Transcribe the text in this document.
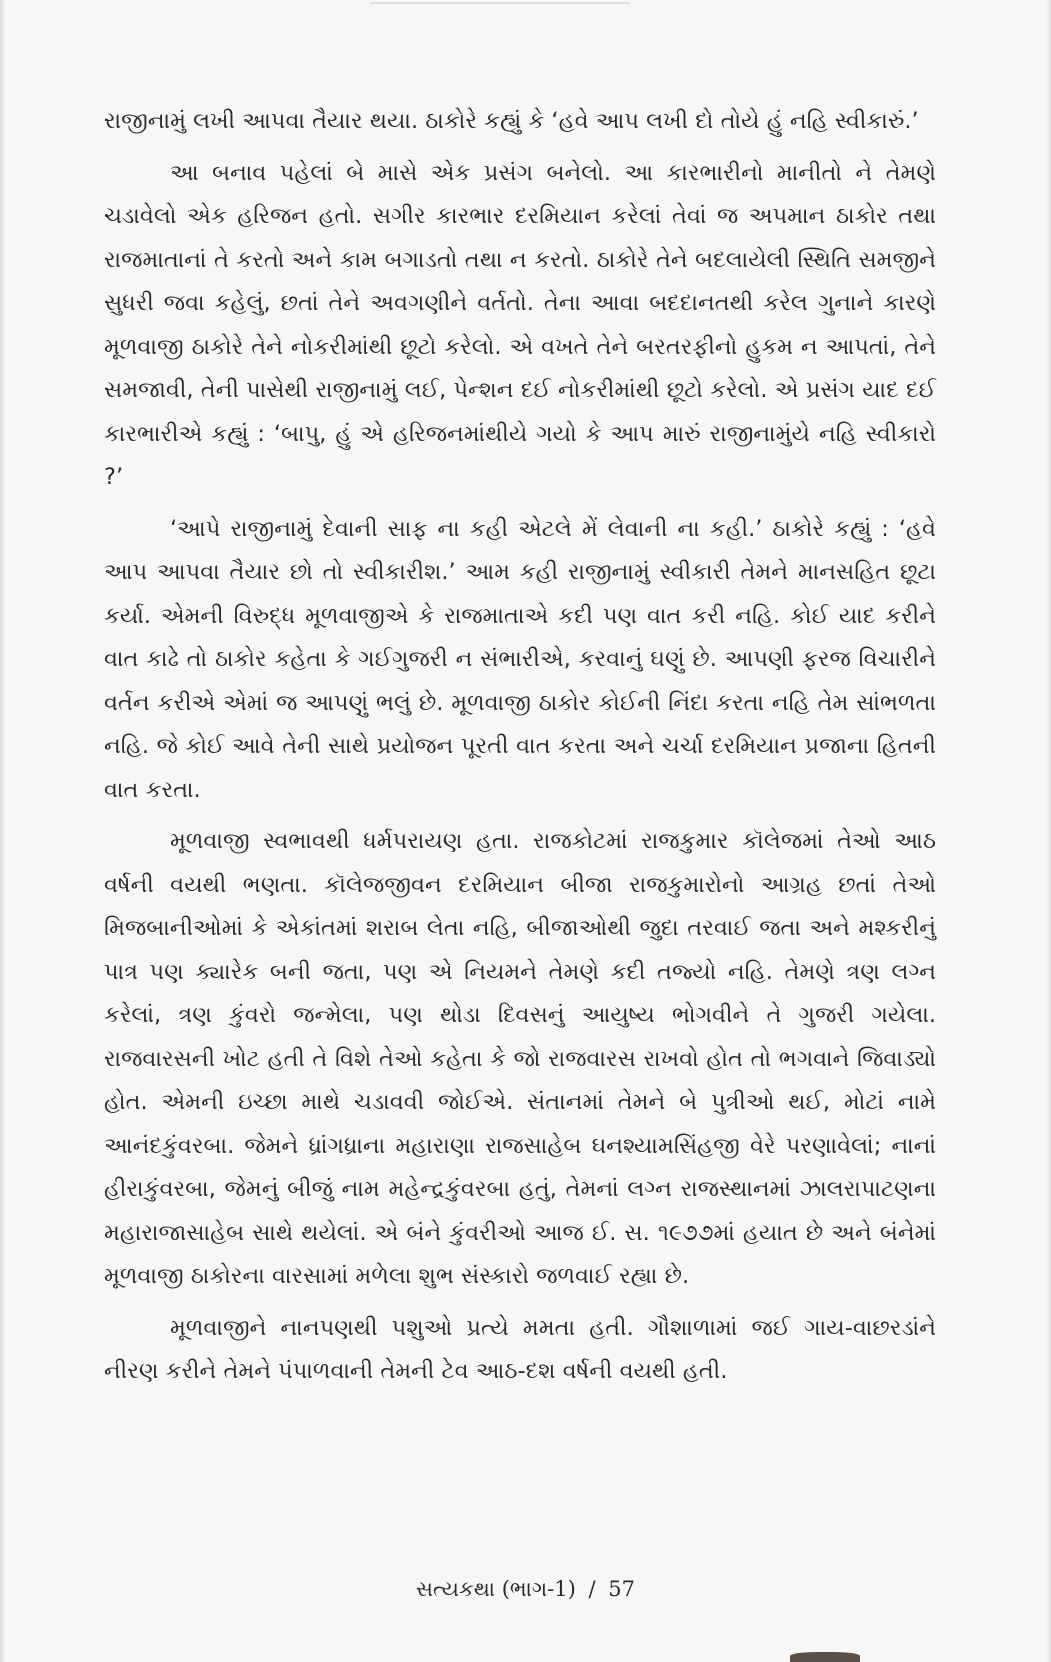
રાજીનામું લખી આપવા તૈયાર થયા. ઠાકોરે કહ્યું કે ‘હવે આપ લખી દો તોયે હું નહિ સ્વીકારું.’

આ બનાવ પહેલાં બે માસે એક પ્રસંગ બનેલો. આ કારભારીનો માનીતો ને તેમણે ચડાવેલો એક હરિજન હતો. સગીર કારભાર દરમિયાન કરેલાં તેવાં જ અપમાન ઠાકોર તથા રાજમાતાનાં તે કરતો અને કામ બગાડતો તથા ન કરતો. ઠાકોરે તેને બદલાયેલી સ્થિતિ સમજીને સુધરી જવા કહેલું, છતાં તેને અવગણીને વર્તતો. તેના આવા બદદાનતથી કરેલ ગુનાને કારણે મૂળવાજી ઠાકોરે તેને નોકરીમાંથી છૂટો કરેલો. એ વખતે તેને બરતરફીનો હુકમ ન આપતાં, તેને સમજાવી, તેની પાસેથી રાજીનામું લઈ, પેન્શન દઈ નોકરીમાંથી છૂટો કરેલો. એ પ્રસંગ યાદ દઈ કારભારીએ કહ્યું : ‘બાપુ, હું એ હરિજનમાંથીયે ગયો કે આપ મારું રાજીનામુંયે નહિ સ્વીકારો ?’

‘આપે રાજીનામું દેવાની સાફ ના કહી એટલે મેં લેવાની ના કહી.’ ઠાકોરે કહ્યું : ‘હવે આપ આપવા તૈયાર છો તો સ્વીકારીશ.’ આમ કહી રાજીનામું સ્વીકારી તેમને માનસહિત છૂટા કર્યા. એમની વિરુદ્ધ મૂળવાજીએ કે રાજમાતાએ કદી પણ વાત કરી નહિ. કોઈ યાદ કરીને વાત કાઢે તો ઠાકોર કહેતા કે ગઈગુજરી ન સંભારીએ, કરવાનું ઘણું છે. આપણી ફરજ વિચારીને વર્તન કરીએ એમાં જ આપણું ભલું છે. મૂળવાજી ઠાકોર કોઈની નિંદા કરતા નહિ તેમ સાંભળતા નહિ. જે કોઈ આવે તેની સાથે પ્રયોજન પૂરતી વાત કરતા અને ચર્ચા દરમિયાન પ્રજાના હિતની વાત કરતા.

મૂળવાજી સ્વભાવથી ધર્મપરાયણ હતા. રાજકોટમાં રાજકુમાર કૉલેજમાં તેઓ આઠ વર્ષની વયથી ભણતા. કૉલેજજીવન દરમિયાન બીજા રાજકુમારોનો આગ્રહ છતાં તેઓ મિજબાનીઓમાં કે એકાંતમાં શરાબ લેતા નહિ, બીજાઓથી જુદા તરવાઈ જતા અને મશ્કરીનું પાત્ર પણ ક્યારેક બની જતા, પણ એ નિયમને તેમણે કદી તજ્યો નહિ. તેમણે ત્રણ લગ્ન કરેલાં, ત્રણ કુંવરો જન્મેલા, પણ થોડા દિવસનું આયુષ્ય ભોગવીને તે ગુજરી ગયેલા. રાજવારસની ખોટ હતી તે વિશે તેઓ કહેતા કે જો રાજવારસ રાખવો હોત તો ભગવાને જિવાડ્યો હોત. એમની ઇચ્છા માથે ચડાવવી જોઈએ. સંતાનમાં તેમને બે પુત્રીઓ થઈ, મોટાં નામે આનંદકુંવરબા. જેમને ધ્રાંગધ્રાના મહારાણા રાજસાહેબ ઘનશ્યામસિંહજી વેરે પરણાવેલાં; નાનાં હીરાકુંવરબા, જેમનું બીજું નામ મહેન્દ્રકુંવરબા હતું, તેમનાં લગ્ન રાજસ્થાનમાં ઝાલરાપાટણના મહારાજાસાહેબ સાથે થયેલાં. એ બંને કુંવરીઓ આજ ઈ. સ. ૧૯૭૭માં હયાત છે અને બંનેમાં મૂળવાજી ઠાકોરના વારસામાં મળેલા શુભ સંસ્કારો જળવાઈ રહ્યા છે.

મૂળવાજીને નાનપણથી પશુઓ પ્રત્યે મમતા હતી. ગૌશાળામાં જઈ ગાય-વાછરડાંને નીરણ કરીને તેમને પંપાળવાની તેમની ટેવ આઠ-દશ વર્ષની વયથી હતી.

સત્યકથા (ભાગ-1) / 57
